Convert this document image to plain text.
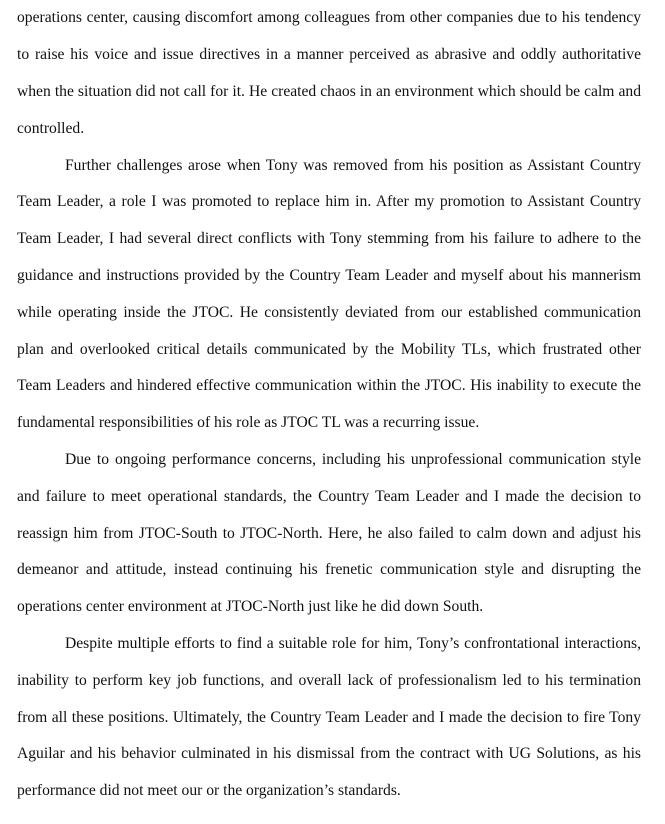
operations center, causing discomfort among colleagues from other companies due to his tendency to raise his voice and issue directives in a manner perceived as abrasive and oddly authoritative when the situation did not call for it. He created chaos in an environment which should be calm and controlled.

Further challenges arose when Tony was removed from his position as Assistant Country Team Leader, a role I was promoted to replace him in. After my promotion to Assistant Country Team Leader, I had several direct conflicts with Tony stemming from his failure to adhere to the guidance and instructions provided by the Country Team Leader and myself about his mannerism while operating inside the JTOC. He consistently deviated from our established communication plan and overlooked critical details communicated by the Mobility TLs, which frustrated other Team Leaders and hindered effective communication within the JTOC. His inability to execute the fundamental responsibilities of his role as JTOC TL was a recurring issue.

Due to ongoing performance concerns, including his unprofessional communication style and failure to meet operational standards, the Country Team Leader and I made the decision to reassign him from JTOC-South to JTOC-North. Here, he also failed to calm down and adjust his demeanor and attitude, instead continuing his frenetic communication style and disrupting the operations center environment at JTOC-North just like he did down South.

Despite multiple efforts to find a suitable role for him, Tony’s confrontational interactions, inability to perform key job functions, and overall lack of professionalism led to his termination from all these positions. Ultimately, the Country Team Leader and I made the decision to fire Tony Aguilar and his behavior culminated in his dismissal from the contract with UG Solutions, as his performance did not meet our or the organization’s standards.
